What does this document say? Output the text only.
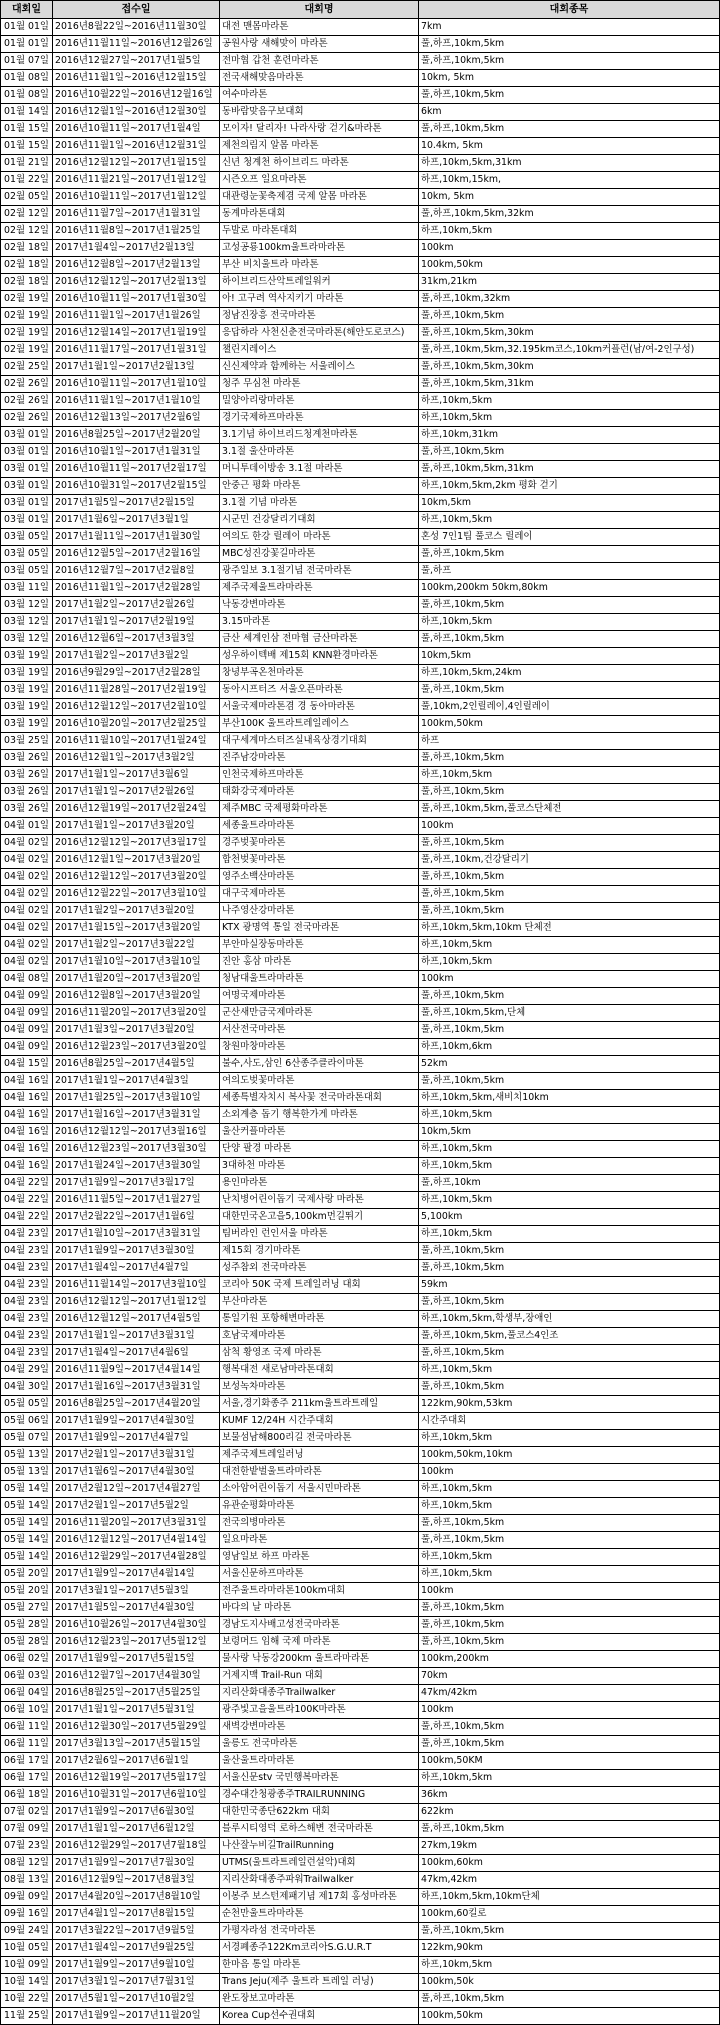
대회일	접수일	대회명	대회종목
01월 01일	2016년8월22일~2016년11월30일	대전 맨몸마라톤	7km
01월 01일	2016년11월11일~2016년12월26일	공원사랑 새해맞이 마라톤	풀,하프,10km,5km
01월 07일	2016년12월27일~2017년1월5일	전마협 갑천 훈련마라톤	풀,하프,10km,5km
01월 08일	2016년11월1일~2016년12월15일	전국새해맞음마라톤	10km, 5km
01월 08일	2016년10월22일~2016년12월16일	여수마라톤	풀,하프,10km,5km
01월 14일	2016년12월1일~2016년12월30일	동바람맞음구보대회	6km
01월 15일	2016년10월11일~2017년1월4일	모이자! 달리자! 나라사랑 걷기&마라톤	풀,하프,10km,5km
01월 15일	2016년11월1일~2016년12월31일	제천의림지 알몸 마라톤	10.4km, 5km
01월 21일	2016년12월12일~2017년1월15일	신년 청계천 하이브리드 마라톤	하프,10km,5km,31km
01월 22일	2016년11월21일~2017년1월12일	시즌오프 일요마라톤	하프,10km,15km,
02월 05일	2016년10월11일~2017년1월12일	대관령눈꽃축제겸 국제 알몸 마라톤	10km, 5km
02월 12일	2016년11월7일~2017년1월31일	동계마라톤대회	풀,하프,10km,5km,32km
02월 12일	2016년11월8일~2017년1월25일	두발로 마라톤대회	하프,10km,5km
02월 18일	2017년1월4일~2017년2월13일	고성공룡100km울트라마라톤	100km
02월 18일	2016년12월8일~2017년2월13일	부산 비치울트라 마라톤	100km,50km
02월 18일	2016년12월12일~2017년2월13일	하이브리드산악트레일워커	31km,21km
02월 19일	2016년10월11일~2017년1월30일	아! 고구려 역사지키기 마라톤	풀,하프,10km,32km
02월 19일	2016년11월1일~2017년1월26일	정남진장흥 전국마라톤	풀,하프,10km,5km
02월 19일	2016년12월14일~2017년1월19일	응답하라 사천신춘전국마라톤(해안도로코스)	풀,하프,10km,5km,30km
02월 19일	2016년11월17일~2017년1월31일	챌린지레이스	풀,하프,10km,5km,32.195km코스,10km커플런(남/여-2인구성)
02월 25일	2017년1월1일~2017년2월13일	신신제약과 함께하는 서울레이스	풀,하프,10km,5km,30km
02월 26일	2016년10월11일~2017년1월10일	청주 무심천 마라톤	풀,하프,10km,5km,31km
02월 26일	2016년11월1일~2017년1월10일	밀양아리랑마라톤	하프,10km,5km
02월 26일	2016년12월13일~2017년2월6일	경기국제하프마라톤	하프,10km,5km
03월 01일	2016년8월25일~2017년2월20일	3.1기념 하이브리드청계천마라톤	하프,10km,31km
03월 01일	2016년10월1일~2017년1월31일	3.1절 울산마라톤	풀,하프,10km,5km
03월 01일	2016년10월11일~2017년2월17일	머니투데이방송 3.1절 마라톤	풀,하프,10km,5km,31km
03월 01일	2016년10월31일~2017년2월15일	안중근 평화 마라톤	하프,10km,5km,2km 평화 걷기
03월 01일	2017년1월5일~2017년2월15일	3.1절 기념 마라톤	10km,5km
03월 01일	2017년1월6일~2017년3월1일	시군민 건강달리기대회	하프,10km,5km
03월 05일	2017년1월11일~2017년1월30일	여의도 한강 릴레이 마라톤	혼성 7인1팀 풀코스 릴레이
03월 05일	2016년12월5일~2017년2월16일	MBC성진강꽃길마라톤	풀,하프,10km,5km
03월 05일	2016년12월7일~2017년2월8일	광주일보 3.1절기념 전국마라톤	풀,하프
03월 11일	2016년11월1일~2017년2월28일	제주국제울트라마라톤	100km,200km 50km,80km
03월 12일	2017년1월2일~2017년2월26일	낙동강변마라톤	풀,하프,10km,5km
03월 12일	2017년1월1일~2017년2월19일	3.15마라톤	하프,10km,5km
03월 12일	2016년12월6일~2017년3월3일	금산 세계인삼 전마협 금산마라톤	풀,하프,10km,5km
03월 19일	2017년1월2일~2017년3월2일	성우하이텍배 제15회 KNN환경마라톤	10km,5km
03월 19일	2016년9월29일~2017년2월28일	창녕부곡온천마라톤	하프,10km,5km,24km
03월 19일	2016년11월28일~2017년2월19일	동아시프터즈 서울오픈마라톤	풀,하프,10km,5km
03월 19일	2016년12월12일~2017년2월10일	서울국제마라톤겸 경 동아마라톤	풀,10km,2인릴레이,4인릴레이
03월 19일	2016년10월20일~2017년2월25일	부산100K 울트라트레일레이스	100km,50km
03월 25일	2016년11월10일~2017년1월24일	대구세계마스터즈실내육상경기대회	하프
03월 26일	2016년12월1일~2017년3월2일	진주남강마라톤	풀,하프,10km,5km
03월 26일	2017년1월1일~2017년3월6일	인천국제하프마라톤	하프,10km,5km
03월 26일	2017년1월1일~2017년2월26일	태화강국제마라톤	풀,하프,10km,5km
03월 26일	2016년12월19일~2017년2월24일	제주MBC 국제평화마라톤	풀,하프,10km,5km,풀코스단체전
04월 01일	2017년1월1일~2017년3월20일	세종울트라마라톤	100km
04월 02일	2016년12월12일~2017년3월17일	경주벚꽃마라톤	풀,하프,10km,5km
04월 02일	2016년12월1일~2017년3월20일	합천벚꽃마라톤	풀,하프,10km,건강달리기
04월 02일	2016년12월12일~2017년3월20일	영주소백산마라톤	풀,하프,10km,5km
04월 02일	2016년12월22일~2017년3월10일	대구국제마라톤	풀,하프,10km,5km
04월 02일	2017년1월2일~2017년3월20일	나주영산강마라톤	풀,하프,10km,5km
04월 02일	2017년1월15일~2017년3월20일	KTX 광명역 통일 전국마라톤	하프,10km,5km,10km 단체전
04월 02일	2017년1월2일~2017년3월22일	부안마실장동마라톤	하프,10km,5km
04월 02일	2017년1월10일~2017년3월10일	진안 홍삼 마라톤	하프,10km,5km
04월 08일	2017년1월20일~2017년3월20일	청남대울트라마라톤	100km
04월 09일	2016년12월8일~2017년3월20일	여명국제마라톤	풀,하프,10km,5km
04월 09일	2016년11월20일~2017년3월20일	군산새만금국제마라톤	풀,하프,10km,5km,단체
04월 09일	2017년1월3일~2017년3월20일	서산전국마라톤	풀,하프,10km,5km
04월 09일	2016년12월23일~2017년3월20일	창원마창마라톤	하프,10km,6km
04월 15일	2016년8월25일~2017년4월5일	불수,사도,삼인 6산종주클라이마톤	52km
04월 16일	2017년1월1일~2017년4월3일	여의도벚꽃마라톤	풀,하프,10km,5km
04월 16일	2017년1월25일~2017년3월10일	세종특별자치시 복사꽃 전국마라톤대회	하프,10km,5km,새비치10km
04월 16일	2017년1월16일~2017년3월31일	소외계층 돕기 행복한가게 마라톤	하프,10km,5km
04월 16일	2016년12월12일~2017년3월16일	울산커플마라톤	10km,5km
04월 16일	2016년12월23일~2017년3월30일	단양 팔경 마라톤	하프,10km,5km
04월 16일	2017년1월24일~2017년3월30일	3대하천 마라톤	하프,10km,5km
04월 22일	2017년1월9일~2017년3월17일	용인마라톤	풀,하프,10km
04월 22일	2016년11월5일~2017년1월27일	난치병어린이돕기 국제사랑 마라톤	하프,10km,5km
04월 22일	2017년2월22일~2017년1월6일	대한민국온고을5,100km먼길뛰기	5,100km
04월 23일	2017년1월10일~2017년3월31일	팀버라인 런인서울 마라톤	하프,10km,5km
04월 23일	2017년1월9일~2017년3월30일	제15회 경기마라톤	풀,하프,10km,5km
04월 23일	2017년1월4일~2017년4월7일	성주참외 전국마라톤	풀,하프,10km,5km
04월 23일	2016년11월14일~2017년3월10일	코리아 50K 국제 트레일러닝 대회	59km
04월 23일	2016년12월12일~2017년1월12일	부산마라톤	풀,하프,10km,5km
04월 23일	2016년12월12일~2017년4월5일	통일기원 포항해변마라톤	하프,10km,5km,학생부,장애인
04월 23일	2017년1월1일~2017년3월31일	호남국제마라톤	풀,하프,10km,5km,풀코스4인조
04월 23일	2017년1월4일~2017년4월6일	삼척 황영조 국제 마라톤	풀,하프,10km,5km
04월 29일	2016년11월9일~2017년4월14일	행복대전 새로남마라톤대회	하프,10km,5km
04월 30일	2017년1월16일~2017년3월31일	보성녹차마라톤	풀,하프,10km,5km
05월 05일	2016년8월25일~2017년4월20일	서울,경기화종주 211km울트라트레일	122km,90km,53km
05월 06일	2017년1월9일~2017년4월30일	KUMF 12/24H 시간주대회	시간주대회
05월 07일	2017년1월9일~2017년4월7일	보물섬남해800리길 전국마라톤	하프,10km,5km
05월 13일	2017년2월1일~2017년3월31일	제주국제트레일러닝	100km,50km,10km
05월 13일	2017년1월6일~2017년4월30일	대전한밭벌울트라마라톤	100km
05월 14일	2017년2월12일~2017년4월27일	소아암어린이돕기 서울시민마라톤	하프,10km,5km
05월 14일	2017년2월1일~2017년5월2일	유관순평화마라톤	하프,10km,5km
05월 14일	2016년11월20일~2017년3월31일	전국의병마라톤	풀,하프,10km,5km
05월 14일	2016년12월12일~2017년4월14일	일요마라톤	풀,하프,10km,5km
05월 14일	2016년12월29일~2017년4월28일	영남일보 하프 마라톤	하프,10km,5km
05월 20일	2017년1월9일~2017년4월14일	서울신문하프마라톤	하프,10km,5km
05월 20일	2017년3월1일~2017년5월3일	전주울트라마라톤100km대회	100km
05월 27일	2017년1월5일~2017년4월30일	바다의 날 마라톤	풀,하프,10km,5km
05월 28일	2016년10월26일~2017년4월30일	경남도지사배고성전국마라톤	풀,하프,10km,5km
05월 28일	2016년12월23일~2017년5월12일	보령머드 임해 국제 마라톤	풀,하프,10km,5km
06월 02일	2017년1월9일~2017년5월15일	물사랑 낙동강200km 울트라마라톤	100km,200km
06월 03일	2016년12월7일~2017년4월30일	거제지맥 Trail-Run 대회	70km
06월 04일	2016년8월25일~2017년5월25일	지리산화대종주Trailwalker	47km/42km
06월 10일	2017년1월1일~2017년5월31일	광주빛고을울트라100K마라톤	100km
06월 11일	2016년12월30일~2017년5월29일	새벽강변마라톤	풀,하프,10km,5km
06월 11일	2017년3월13일~2017년5월15일	울릉도 전국마라톤	풀,하프,10km,5km
06월 17일	2017년2월6일~2017년6월1일	울산울트라마라톤	100km,50KM
06월 17일	2016년12월19일~2017년5월17일	서울신문stv 국민행복마라톤	하프,10km,5km
06월 18일	2016년10월31일~2017년6월10일	경수대간청광종주TRAILRUNNING	36km
07월 02일	2017년1월9일~2017년6월30일	대한민국종단622km 대회	622km
07월 09일	2017년1월1일~2017년6월12일	블루시티영덕 로하스해변 전국마라톤	풀,하프,10km,5km
07월 23일	2016년12월29일~2017년7월18일	나산잘누비길TrailRunning	27km,19km
08월 12일	2017년1월9일~2017년7월30일	UTMS(울트라트레일런설악)대회	100km,60km
08월 13일	2016년12월9일~2017년8월3일	지리산화대종주파워Trailwalker	47km,42km
09월 09일	2017년4월20일~2017년8월10일	이봉주 보스턴제패기념 제17회 홍성마라톤	하프,10km,5km,10km단체
09월 16일	2017년4월1일~2017년8월15일	순천만울트라마라톤	100km,60킬로
09월 24일	2017년3월22일~2017년9월5일	가평자라섬 전국마라톤	풀,하프,10km,5km
10월 05일	2017년1월4일~2017년9월25일	서경폐종주122Km코리아S.G.U.R.T	122km,90km
10월 09일	2017년1월9일~2017년9월10일	한마음 통일 마라톤	하프,10km,5km
10월 14일	2017년3월1일~2017년7월31일	Trans Jeju(제주 울트라 트레일 러닝)	100km,50k
10월 22일	2017년5월1일~2017년10월2일	완도장보고마라톤	풀,하프,10km,5km
11월 25일	2017년1월9일~2017년11월20일	Korea Cup선수권대회	100km,50km
